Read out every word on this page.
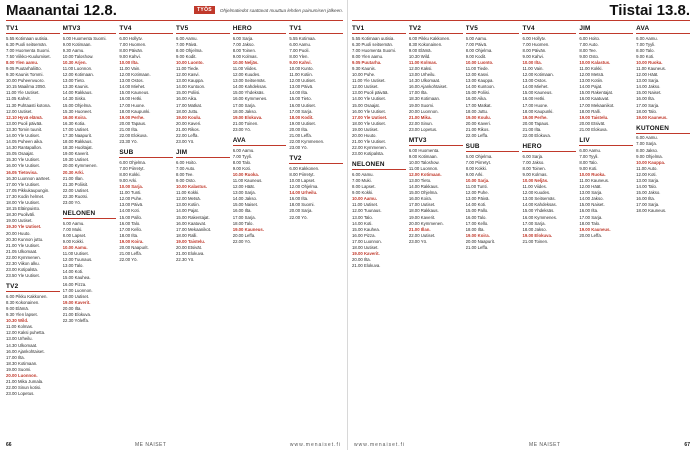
Maanantai 12.8.	TYÖS	Ohjelmatiedot saattavat muuttua lehden painumisen jälkeen.
TV1
5.55 Kotimaan uutisia.
6.30 Puoli seitsemän.
7.00 Huomenta Suomi.
7.50 Viikko-Kuulumiset.
8.00 Ylen aamu.
9.05 Puutarhaliitto.
9.30 Kaunis Tommi.
10.00 Puheenvuoro.
10.15 Maailma 2050.
11.00 Yle Uutiset.
11.05 Kahvit.
11.30 Puhtaasti kotona.
12.00 Uutiset.
12.10 Hyvä elämä.
13.00 Puoli päivää.
13.30 Tomin tuunit.
14.00 Yle Uutiset.
14.05 Puheen aika.
14.30 Rantapallon.
15.05 Osaajat.
15.30 Yle Uutiset.
16.00 Yle Uutiset.
16.05 Tietovisa.
16.30 Luonnon aarteet.
17.00 Yle Uutiset.
17.05 Pikkukaupungin.
17.30 Kodin helmet.
18.00 Yle Uutiset.
18.15 Eläinpuisto.
18.30 Puoliväli.
19.00 Uutiset.
19.30 Yle Uutiset.
20.00 Huuto.
20.30 Kunnon juttu.
21.00 Yle Uutiset.
21.05 Ulkomaat.
22.00 Kymmenen.
22.30 Viikon alku.
23.00 Kotipalsta.
23.50 Yle Uutiset.
TV2
6.00 Pikku Kakkonen.
8.30 Kokonainen.
9.00 Elämä.
9.30 Ylen lapset.
10.30 Wild.
11.00 Kolmas.
12.00 Kaksi puhetta.
13.00 Urheilu.
14.30 Ulkomaat.
16.00 Ajankohtaiset.
17.00 Ilta.
18.30 Kotimaan.
19.00 Suomi.
20.00 Luonnon.
21.00 Mika Jumala.
22.00 Sinun kotisi.
23.00 Lopetus.
MTV3
6.00 Huomenta Suomi.
9.00 Kotimaan.
9.30 Aamu.
10.00 Taloshow.
10.30 Arjen.
11.00 Luonnon.
12.00 Kotimaan.
13.00 Tieto.
13.30 Kaunis.
14.00 Rakkaus.
14.30 Sisko.
15.00 Ohjelma.
15.30 Huoneet.
16.00 Koira.
16.30 Kotia.
17.00 Uutiset.
17.30 Naapurit.
18.00 Rakkaus.
18.30 Huoltajat.
19.00 Kaverit.
19.30 Uutiset.
20.00 Kymmenen.
20.30 Arki.
21.00 Illan.
21.30 Poliisit.
22.00 Uutiset.
22.30 Ruotsi.
23.00 Yö.
NELONEN
6.00 Aamu.
7.00 Muki.
8.00 Lapset.
9.00 Kokki.
10.00 Aamu.
11.00 Uutiset.
12.00 Tuunaus.
13.00 Talo.
14.00 Koti.
15.00 Kauhea.
16.00 Pizza.
17.00 Luonnon.
18.00 Uutiset.
19.00 Kaverit.
20.00 Ilta.
21.00 Elokuva.
22.30 Yöleffa.
TV4
6.00 Hollytv.
7.00 Huomen.
8.00 Päivän.
9.00 Kahvi.
10.00 Ilta.
11.00 Vain.
12.00 Kotimaan.
13.00 Ostos.
14.00 Miehet.
15.00 Kauneus.
16.00 Hetki.
17.00 Huone.
18.00 Kaupunki.
19.00 Perhe.
20.00 Tapaus.
21.00 Ilta.
22.00 Elokuva.
23.30 Yö.
SUB
6.00 Ohjelma.
7.00 Piirretyt.
8.00 Kokki.
9.00 Arki.
10.00 Sarja.
11.00 Tunti.
12.00 Puhe.
13.00 Päivä.
14.00 Koti.
15.00 Pallo.
16.00 Talo.
17.00 Kello.
18.00 Ilta.
19.00 Koira.
20.00 Naapurit.
21.00 Leffa.
22.00 Yö.
TV5
6.00 Aamu.
7.00 Päivä.
8.00 Ohjelma.
9.00 Kodit.
10.00 Luonto.
11.00 Tiede.
12.00 Kasvi.
13.00 Kauppa.
14.00 Kuntoon.
15.00 Poliisi.
16.00 Aika.
17.00 Matkat.
18.00 Juttu.
19.00 Koulu.
20.00 Kaveri.
21.00 Rikos.
22.00 Leffa.
23.00 Yö.
JIM
6.00 Hoito.
7.00 Auto.
8.00 Tee.
9.00 Osto.
10.00 Kalastus.
11.00 Kokki.
12.00 Metsä.
13.00 Kotiin.
14.00 Pajat.
15.00 Rakentajat.
16.00 Kaatuvat.
17.00 Mekaanikot.
18.00 Ralli.
19.00 Taistelu.
20.00 Etsivät.
21.00 Elokuva.
22.30 Yö.
HERO
6.00 Sarja.
7.00 Jakso.
8.00 Toinen.
9.00 Kolmas.
10.00 Neljäs.
11.00 Viides.
12.00 Kuudes.
13.00 Seitsemäs.
14.00 Kahdeksas.
15.00 Yhdeksäs.
16.00 Kymmenes.
17.00 Sarja.
18.00 Jakso.
19.00 Elokuva.
21.00 Toinen.
23.00 Yö.
AVA
6.00 Aamu.
7.00 Tyyli.
8.00 Talo.
9.00 Koti.
10.00 Ruoka.
11.00 Kauneus.
12.00 Häät.
13.00 Sarja.
14.00 Jakso.
15.00 Naiset.
16.00 Ilta.
17.00 Sarja.
18.00 Talo.
19.00 Kauneus.
20.00 Leffa.
22.00 Yö.
TV1
5.55 Kotimaa.
6.00 Aamu.
7.00 Puoli.
8.00 Ylen.
9.00 Kahvi.
10.00 Kunto.
11.00 Kotiin.
12.00 Uutiset.
13.00 Päivä.
14.00 Ilta.
15.00 Tieto.
16.00 Uutiset.
17.00 Sarja.
18.00 Kodit.
19.00 Uutiset.
20.00 Ilta.
21.00 Leffa.
22.00 Kymmenen.
23.00 Yö.
TV2
6.00 Kakkonen.
8.00 Piirretyt.
10.00 Lapset.
12.00 Ohjelma.
14.00 Urheilu.
16.00 Ilta.
18.00 Suomi.
20.00 Sarja.
22.00 Yö.
66	ME NAISET	www.menaiset.fi
Tiistai 13.8.
TV1
5.55 Kotimaan uutisia.
6.30 Puoli seitsemän.
7.00 Huomenta Suomi.
8.00 Ylen aamu.
9.05 Puutarha.
9.30 Kaunis.
10.00 Puhe.
11.00 Yle Uutiset.
12.00 Uutiset.
13.00 Puoli päivää.
14.00 Yle Uutiset.
15.00 Osaajat.
16.00 Yle Uutiset.
17.00 Yle Uutiset.
18.00 Yle Uutiset.
19.00 Uutiset.
20.00 Huuto.
21.00 Yle Uutiset.
22.00 Kymmenen.
23.00 Kotipalsta.
NELONEN
6.00 Aamu.
7.00 Muki.
8.00 Lapset.
9.00 Kokki.
10.00 Aamu.
11.00 Uutiset.
12.00 Tuunaus.
13.00 Talo.
14.00 Koti.
15.00 Kauhea.
16.00 Pizza.
17.00 Luonnon.
18.00 Uutiset.
19.00 Kaverit.
20.00 Ilta.
21.00 Elokuva.
TV2
6.00 Pikku Kakkonen.
8.30 Kokonainen.
9.00 Elämä.
10.30 Wild.
11.00 Kolmas.
12.00 Kaksi.
13.00 Urheilu.
14.30 Ulkomaat.
16.00 Ajankohtaiset.
17.00 Ilta.
18.30 Kotimaan.
19.00 Suomi.
20.00 Luonnon.
21.00 Mika.
22.00 Sinun.
23.00 Lopetus.
MTV3
6.00 Huomenta.
9.00 Kotimaan.
10.00 Taloshow.
11.00 Luonnon.
12.00 Kotimaan.
13.00 Tieto.
14.00 Rakkaus.
15.00 Ohjelma.
16.00 Koira.
17.00 Uutiset.
18.00 Rakkaus.
19.00 Kaverit.
20.00 Kymmenen.
21.00 Illan.
22.00 Uutiset.
23.00 Yö.
TV5
6.00 Aamu.
7.00 Päivä.
8.00 Ohjelma.
9.00 Kodit.
10.00 Luonto.
11.00 Tiede.
12.00 Kasvi.
13.00 Kauppa.
14.00 Kuntoon.
15.00 Poliisi.
16.00 Aika.
17.00 Matkat.
18.00 Juttu.
19.00 Koulu.
20.00 Kaveri.
21.00 Rikos.
22.00 Leffa.
SUB
6.00 Ohjelma.
7.00 Piirretyt.
8.00 Kokki.
9.00 Arki.
10.00 Sarja.
11.00 Tunti.
12.00 Puhe.
13.00 Päivä.
14.00 Koti.
15.00 Pallo.
16.00 Talo.
17.00 Kello.
18.00 Ilta.
19.00 Koira.
20.00 Naapurit.
21.00 Leffa.
TV4
6.00 Hollytv.
7.00 Huomen.
8.00 Päivän.
9.00 Kahvi.
10.00 Ilta.
11.00 Vain.
12.00 Kotimaan.
13.00 Ostos.
14.00 Miehet.
15.00 Kauneus.
16.00 Hetki.
17.00 Huone.
18.00 Kaupunki.
19.00 Perhe.
20.00 Tapaus.
21.00 Ilta.
22.00 Elokuva.
HERO
6.00 Sarja.
7.00 Jakso.
8.00 Toinen.
9.00 Kolmas.
10.00 Neljäs.
11.00 Viides.
12.00 Kuudes.
13.00 Seitsemäs.
14.00 Kahdeksas.
15.00 Yhdeksäs.
16.00 Kymmenes.
17.00 Sarja.
18.00 Jakso.
19.00 Elokuva.
21.00 Toinen.
JIM
6.00 Hoito.
7.00 Auto.
8.00 Tee.
9.00 Osto.
10.00 Kalastus.
11.00 Kokki.
12.00 Metsä.
13.00 Kotiin.
14.00 Pajat.
15.00 Rakentajat.
16.00 Kaatuvat.
17.00 Mekaanikot.
18.00 Ralli.
19.00 Taistelu.
20.00 Etsivät.
21.00 Elokuva.
LIV
6.00 Aamu.
7.00 Tyyli.
8.00 Talo.
9.00 Koti.
10.00 Ruoka.
11.00 Kauneus.
12.00 Häät.
13.00 Sarja.
14.00 Jakso.
15.00 Naiset.
16.00 Ilta.
17.00 Sarja.
18.00 Talo.
19.00 Kauneus.
20.00 Leffa.
AVA
6.00 Aamu.
7.00 Tyyli.
8.00 Talo.
9.00 Koti.
10.00 Ruoka.
11.00 Kauneus.
12.00 Häät.
13.00 Sarja.
14.00 Jakso.
15.00 Naiset.
16.00 Ilta.
17.00 Sarja.
18.00 Talo.
19.00 Kauneus.
KUTONEN
6.00 Aamu.
7.00 Sarja.
8.00 Jakso.
9.00 Ohjelma.
10.00 Kauppa.
11.00 Auto.
12.00 Koti.
13.00 Sarja.
14.00 Talo.
15.00 Jakso.
16.00 Ilta.
17.00 Sarja.
18.00 Kauneus.
www.menaiset.fi	ME NAISET	67
